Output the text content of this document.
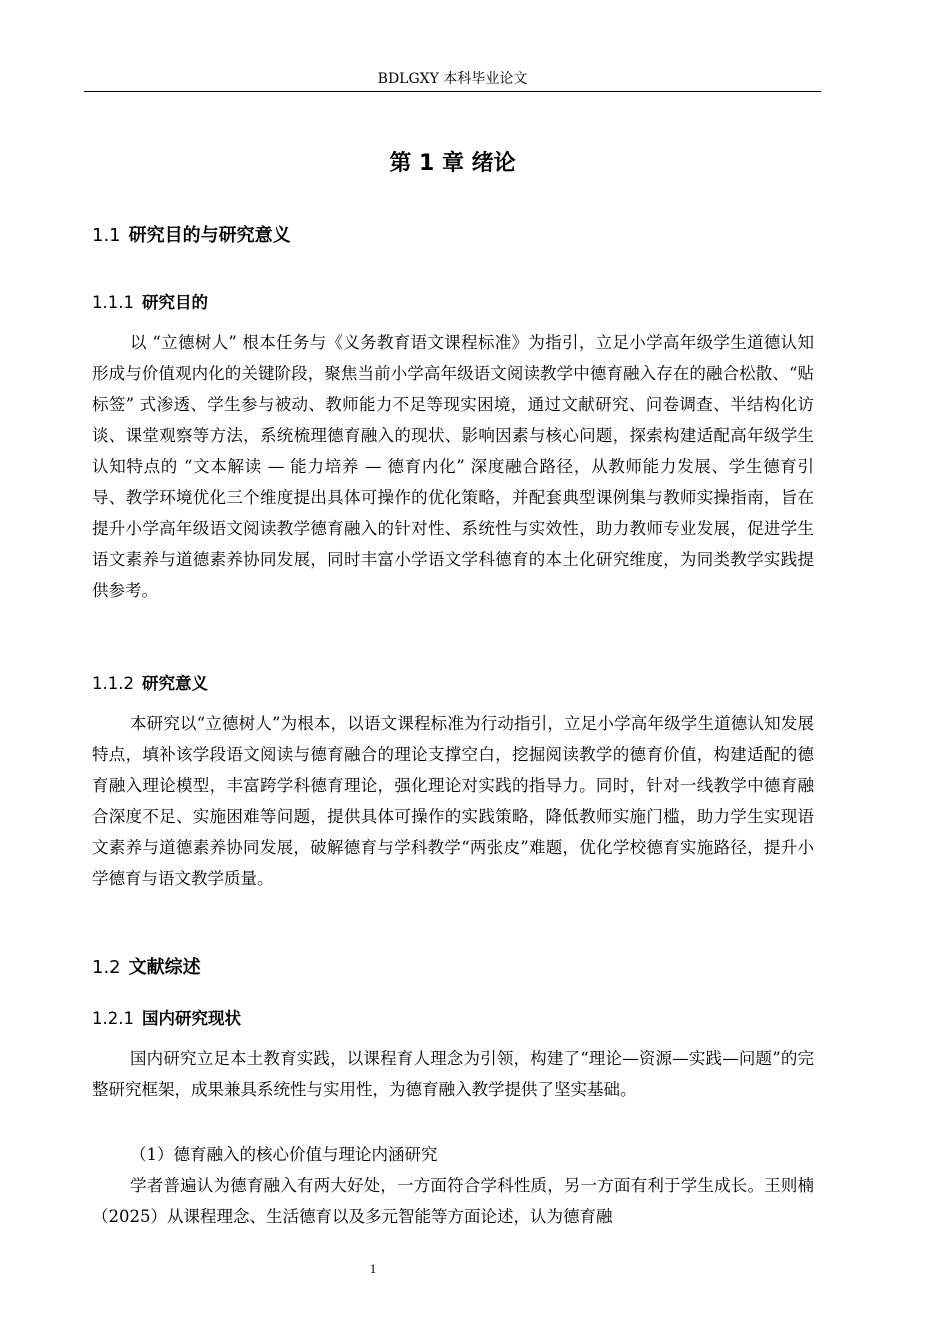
BDLGXY 本科毕业论文
第 1 章 绪论
1.1 研究目的与研究意义
1.1.1 研究目的
以 “立德树人” 根本任务与《义务教育语文课程标准》为指引，立足小学高年级学生道德认知形成与价值观内化的关键阶段，聚焦当前小学高年级语文阅读教学中德育融入存在的融合松散、“贴标签” 式渗透、学生参与被动、教师能力不足等现实困境，通过文献研究、问卷调查、半结构化访谈、课堂观察等方法，系统梳理德育融入的现状、影响因素与核心问题，探索构建适配高年级学生认知特点的 “文本解读 — 能力培养 — 德育内化” 深度融合路径，从教师能力发展、学生德育引导、教学环境优化三个维度提出具体可操作的优化策略，并配套典型课例集与教师实操指南，旨在提升小学高年级语文阅读教学德育融入的针对性、系统性与实效性，助力教师专业发展，促进学生语文素养与道德素养协同发展，同时丰富小学语文学科德育的本土化研究维度，为同类教学实践提供参考。
1.1.2 研究意义
本研究以“立德树人”为根本，以语文课程标准为行动指引，立足小学高年级学生道德认知发展特点，填补该学段语文阅读与德育融合的理论支撑空白，挖掘阅读教学的德育价值，构建适配的德育融入理论模型，丰富跨学科德育理论，强化理论对实践的指导力。同时，针对一线教学中德育融合深度不足、实施困难等问题，提供具体可操作的实践策略，降低教师实施门槛，助力学生实现语文素养与道德素养协同发展，破解德育与学科教学“两张皮”难题，优化学校德育实施路径，提升小学德育与语文教学质量。
1.2 文献综述
1.2.1 国内研究现状
国内研究立足本土教育实践，以课程育人理念为引领，构建了“理论—资源—实践—问题”的完整研究框架，成果兼具系统性与实用性，为德育融入教学提供了坚实基础。
（1）德育融入的核心价值与理论内涵研究
学者普遍认为德育融入有两大好处，一方面符合学科性质，另一方面有利于学生成长。王则楠（2025）从课程理念、生活德育以及多元智能等方面论述，认为德育融
1
